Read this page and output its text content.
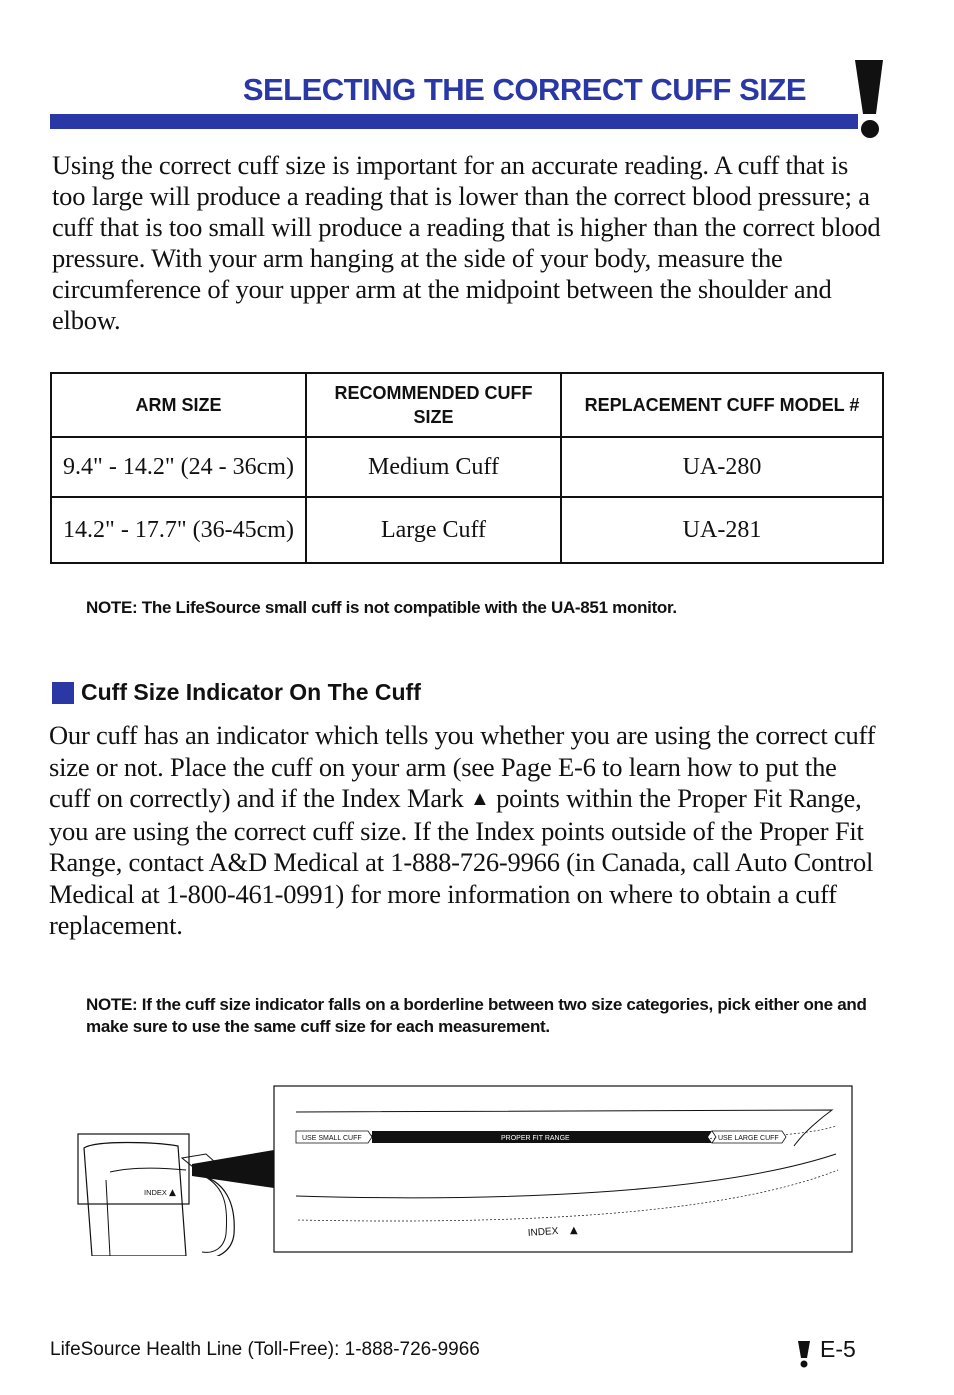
SELECTING THE CORRECT CUFF SIZE
Using the correct cuff size is important for an accurate reading. A cuff that is too large will produce a reading that is lower than the correct blood pressure; a cuff that is too small will produce a reading that is higher than the correct blood pressure. With your arm hanging at the side of your body, measure the circumference of your upper arm at the midpoint between the shoulder and elbow.
ARM SIZE	RECOMMENDED CUFF SIZE	REPLACEMENT CUFF MODEL #
9.4" - 14.2" (24 - 36cm)	Medium Cuff	UA-280
14.2" - 17.7" (36-45cm)	Large Cuff	UA-281
NOTE: The LifeSource small cuff is not compatible with the UA-851 monitor.
Cuff Size Indicator On The Cuff
Our cuff has an indicator which tells you whether you are using the correct cuff size or not. Place the cuff on your arm (see Page E-6 to learn how to put the cuff on correctly) and if the Index Mark ▲ points within the Proper Fit Range, you are using the correct cuff size. If the Index points outside of the Proper Fit Range, contact A&D Medical at 1-888-726-9966 (in Canada, call Auto Control Medical at 1-800-461-0991) for more information on where to obtain a cuff replacement.
NOTE: If the cuff size indicator falls on a borderline between two size categories, pick either one and make sure to use the same cuff size for each measurement.
INDEX ▲
USE SMALL CUFF	PROPER FIT RANGE	USE LARGE CUFF
INDEX ▲
LifeSource Health Line (Toll-Free): 1-888-726-9966	E-5
